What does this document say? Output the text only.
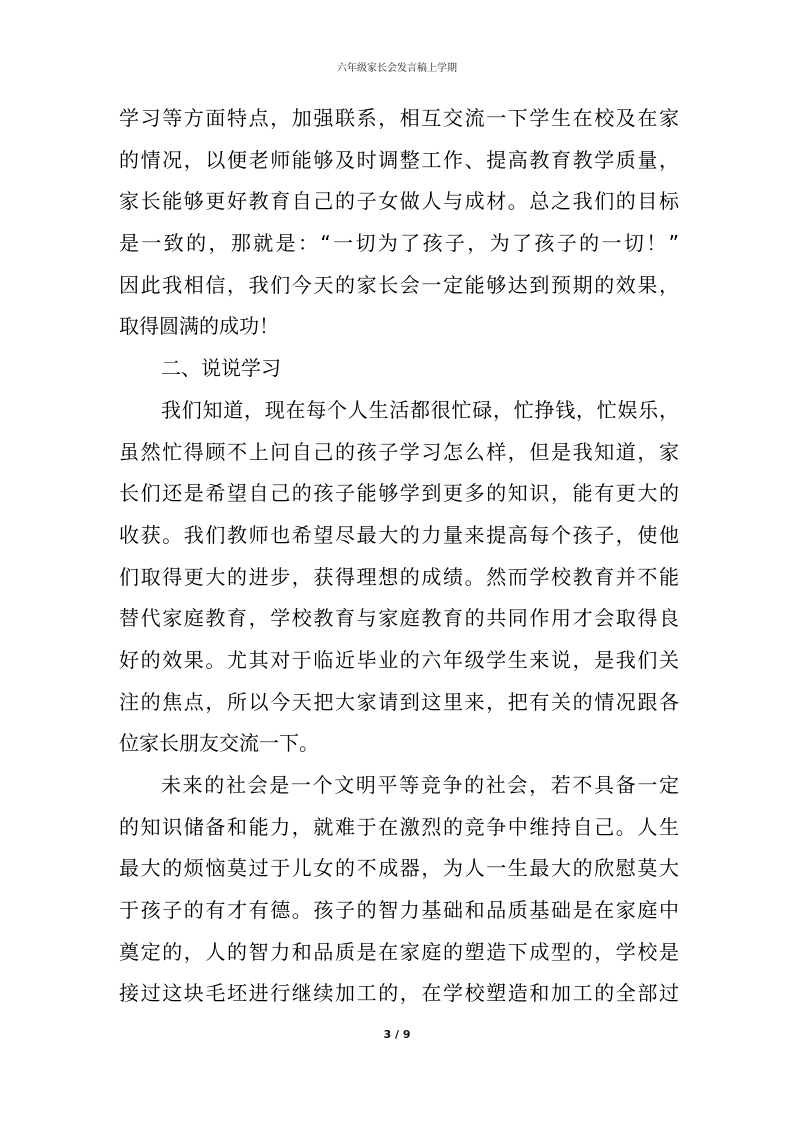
六年级家长会发言稿上学期
学习等方面特点，加强联系，相互交流一下学生在校及在家
的情况，以便老师能够及时调整工作、提高教育教学质量，
家长能够更好教育自己的子女做人与成材。总之我们的目标
是一致的，那就是：“一切为了孩子，为了孩子的一切！”
因此我相信，我们今天的家长会一定能够达到预期的效果，
取得圆满的成功！
二、说说学习
我们知道，现在每个人生活都很忙碌，忙挣钱，忙娱乐，
虽然忙得顾不上问自己的孩子学习怎么样，但是我知道，家
长们还是希望自己的孩子能够学到更多的知识，能有更大的
收获。我们教师也希望尽最大的力量来提高每个孩子，使他
们取得更大的进步，获得理想的成绩。然而学校教育并不能
替代家庭教育，学校教育与家庭教育的共同作用才会取得良
好的效果。尤其对于临近毕业的六年级学生来说，是我们关
注的焦点，所以今天把大家请到这里来，把有关的情况跟各
位家长朋友交流一下。
未来的社会是一个文明平等竞争的社会，若不具备一定
的知识储备和能力，就难于在激烈的竞争中维持自己。人生
最大的烦恼莫过于儿女的不成器，为人一生最大的欣慰莫大
于孩子的有才有德。孩子的智力基础和品质基础是在家庭中
奠定的，人的智力和品质是在家庭的塑造下成型的，学校是
接过这块毛坯进行继续加工的，在学校塑造和加工的全部过
3 / 9
